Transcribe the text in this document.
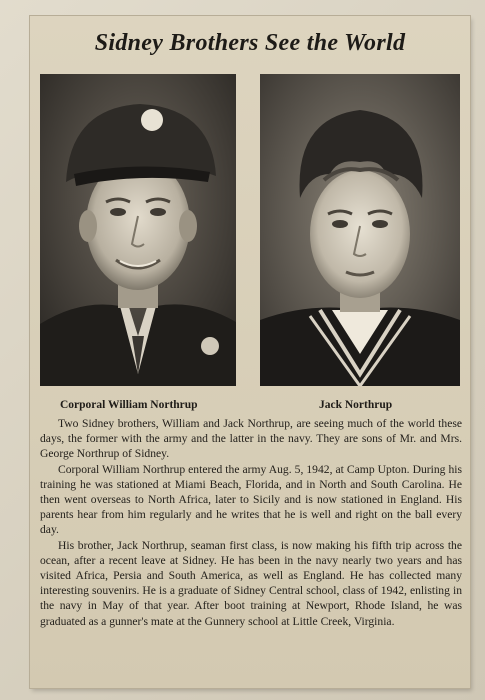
Sidney Brothers See the World
Corporal William Northrup	Jack Northrup

Two Sidney brothers, William and Jack Northrup, are seeing much of the world these days, the former with the army and the latter in the navy. They are sons of Mr. and Mrs. George Northrup of Sidney.

Corporal William Northrup entered the army Aug. 5, 1942, at Camp Upton. During his training he was stationed at Miami Beach, Florida, and in North and South Carolina. He then went overseas to North Africa, later to Sicily and is now stationed in England. His parents hear from him regularly and he writes that he is well and right on the ball every day.

His brother, Jack Northrup, seaman first class, is now making his fifth trip across the ocean, after a recent leave at Sidney. He has been in the navy nearly two years and has visited Africa, Persia and South America, as well as England. He has collected many interesting souvenirs. He is a graduate of Sidney Central school, class of 1942, enlisting in the navy in May of that year. After boot training at Newport, Rhode Island, he was graduated as a gunner's mate at the Gunnery school at Little Creek, Virginia.
